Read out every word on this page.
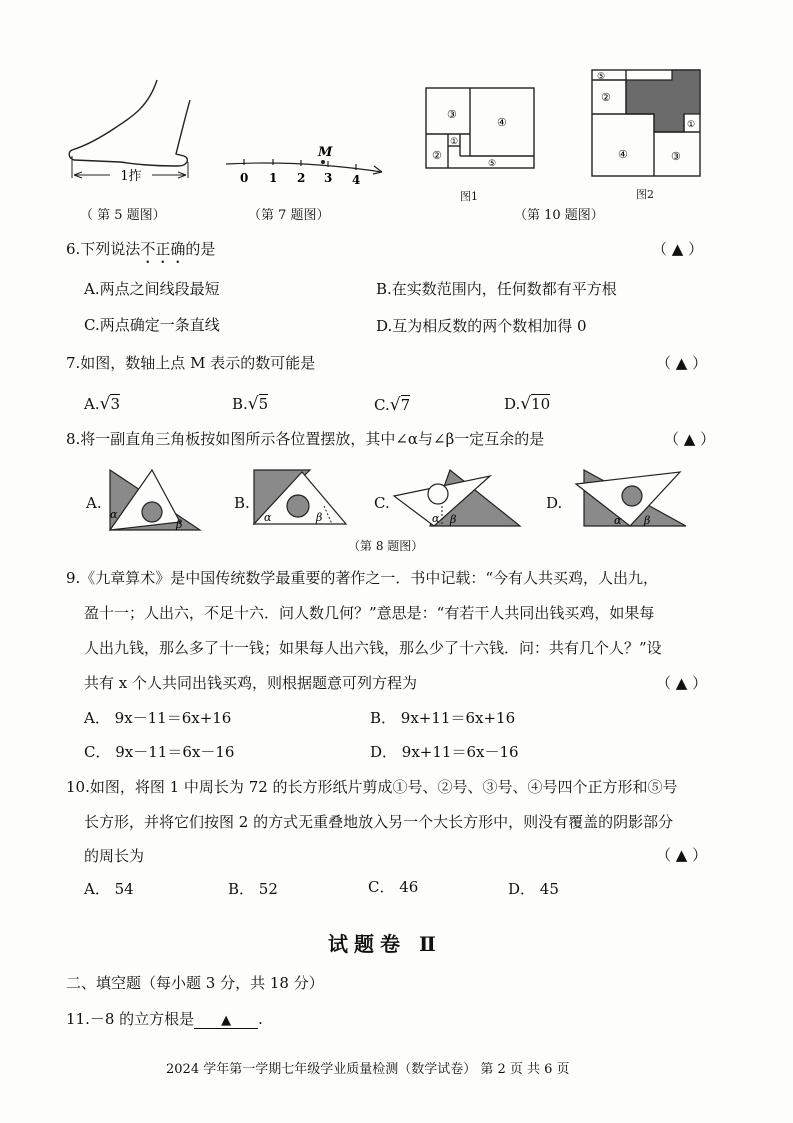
1拃
（ 第 5 题图）
M
0 1 2 3 4
（第 7 题图）
③
④
②
①
⑤
图1
⑤
②
①
④	③
图2
（第 10 题图）
6.下列说法不正确的是	（ ▲ ）
A.两点之间线段最短	B.在实数范围内，任何数都有平方根
C.两点确定一条直线	D.互为相反数的两个数相加得 0
7.如图，数轴上点 M 表示的数可能是	（ ▲ ）
A.√3	B.√5	C.√7	D.√10
8.将一副直角三角板按如图所示各位置摆放，其中∠α与∠β一定互余的是	（ ▲ ）
A.
α
β
B.
α	β
C.
α β
D.
α β
（第 8 题图）
9.《九章算术》是中国传统数学最重要的著作之一．书中记载：“今有人共买鸡，人出九，
盈十一；人出六，不足十六．问人数几何？”意思是：“有若干人共同出钱买鸡，如果每
人出九钱，那么多了十一钱；如果每人出六钱，那么少了十六钱．问：共有几个人？”设
共有 x 个人共同出钱买鸡，则根据题意可列方程为	（ ▲ ）
A． 9x－11＝6x+16	B． 9x+11＝6x+16
C． 9x－11＝6x－16	D． 9x+11＝6x－16
10.如图，将图 1 中周长为 72 的长方形纸片剪成①号、②号、③号、④号四个正方形和⑤号
长方形，并将它们按图 2 的方式无重叠地放入另一个大长方形中，则没有覆盖的阴影部分
的周长为	（ ▲ ）
A． 54	B． 52	C． 46	D． 45
试题卷 Ⅱ
二、填空题（每小题 3 分，共 18 分）
11.－8 的立方根是 ▲ .
2024 学年第一学期七年级学业质量检测（数学试卷） 第 2 页 共 6 页
